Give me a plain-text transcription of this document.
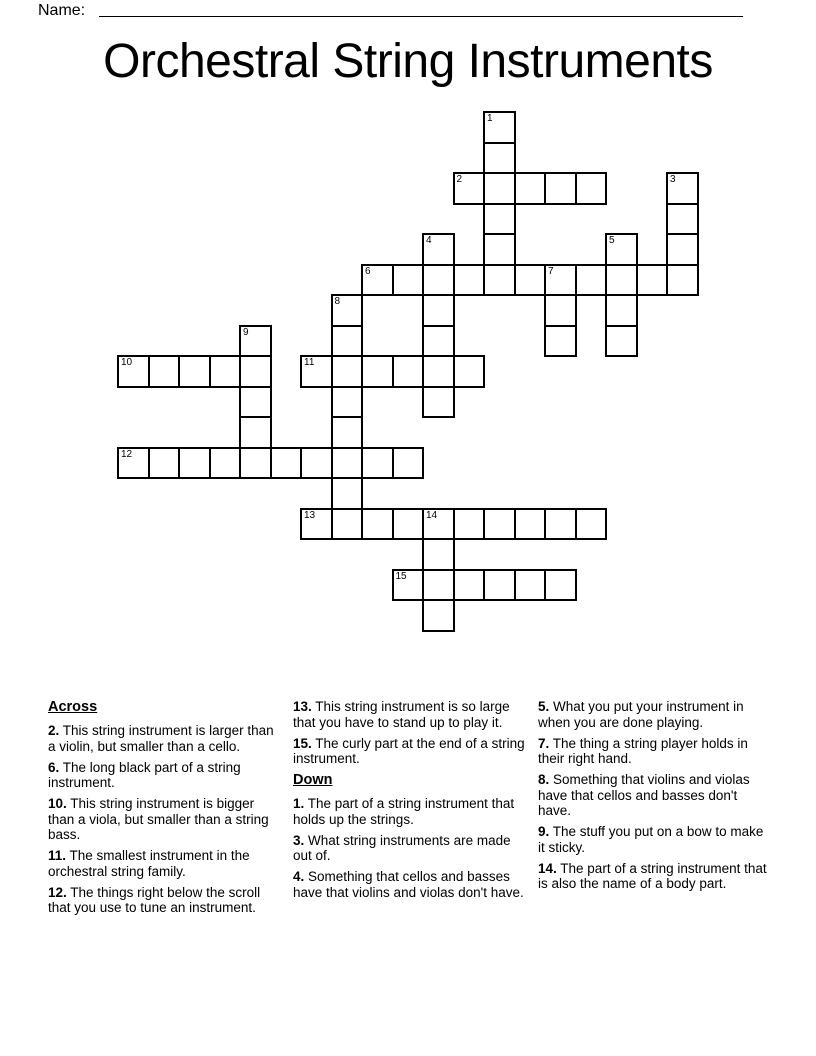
Name:
Orchestral String Instruments
1
2	3
4	5
6	7
8
9
10	11
12
13	14
15
Across
2. This string instrument is larger than a violin, but smaller than a cello.
6. The long black part of a string instrument.
10. This string instrument is bigger than a viola, but smaller than a string bass.
11. The smallest instrument in the orchestral string family.
12. The things right below the scroll that you use to tune an instrument.
13. This string instrument is so large that you have to stand up to play it.
15. The curly part at the end of a string instrument.
Down
1. The part of a string instrument that holds up the strings.
3. What string instruments are made out of.
4. Something that cellos and basses have that violins and violas don't have.
5. What you put your instrument in when you are done playing.
7. The thing a string player holds in their right hand.
8. Something that violins and violas have that cellos and basses don't have.
9. The stuff you put on a bow to make it sticky.
14. The part of a string instrument that is also the name of a body part.
